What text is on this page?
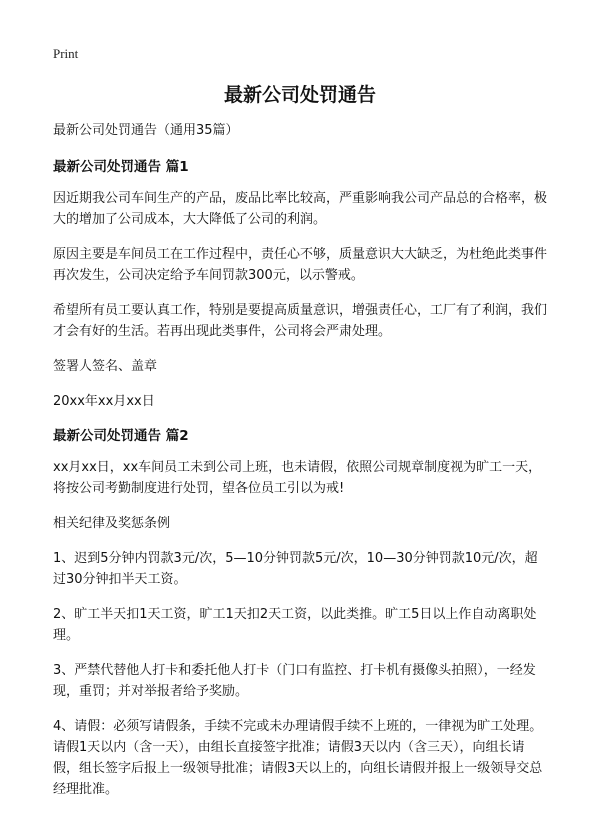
Print
最新公司处罚通告

最新公司处罚通告（通用35篇）

最新公司处罚通告 篇1

因近期我公司车间生产的产品，废品比率比较高，严重影响我公司产品总的合格率，极大的增加了公司成本，大大降低了公司的利润。

原因主要是车间员工在工作过程中，责任心不够，质量意识大大缺乏，为杜绝此类事件再次发生，公司决定给予车间罚款300元，以示警戒。

希望所有员工要认真工作，特别是要提高质量意识，增强责任心，工厂有了利润，我们才会有好的生活。若再出现此类事件，公司将会严肃处理。

签署人签名、盖章

20xx年xx月xx日

最新公司处罚通告 篇2

xx月xx日，xx车间员工未到公司上班，也未请假，依照公司规章制度视为旷工一天，将按公司考勤制度进行处罚，望各位员工引以为戒!

相关纪律及奖惩条例

1、迟到5分钟内罚款3元/次，5—10分钟罚款5元/次，10—30分钟罚款10元/次，超过30分钟扣半天工资。

2、旷工半天扣1天工资，旷工1天扣2天工资，以此类推。旷工5日以上作自动离职处理。

3、严禁代替他人打卡和委托他人打卡（门口有监控、打卡机有摄像头拍照），一经发现，重罚；并对举报者给予奖励。

4、请假：必须写请假条，手续不完或未办理请假手续不上班的，一律视为旷工处理。请假1天以内（含一天），由组长直接签字批准；请假3天以内（含三天），向组长请假，组长签字后报上一级领导批准；请假3天以上的，向组长请假并报上一级领导交总经理批准。
